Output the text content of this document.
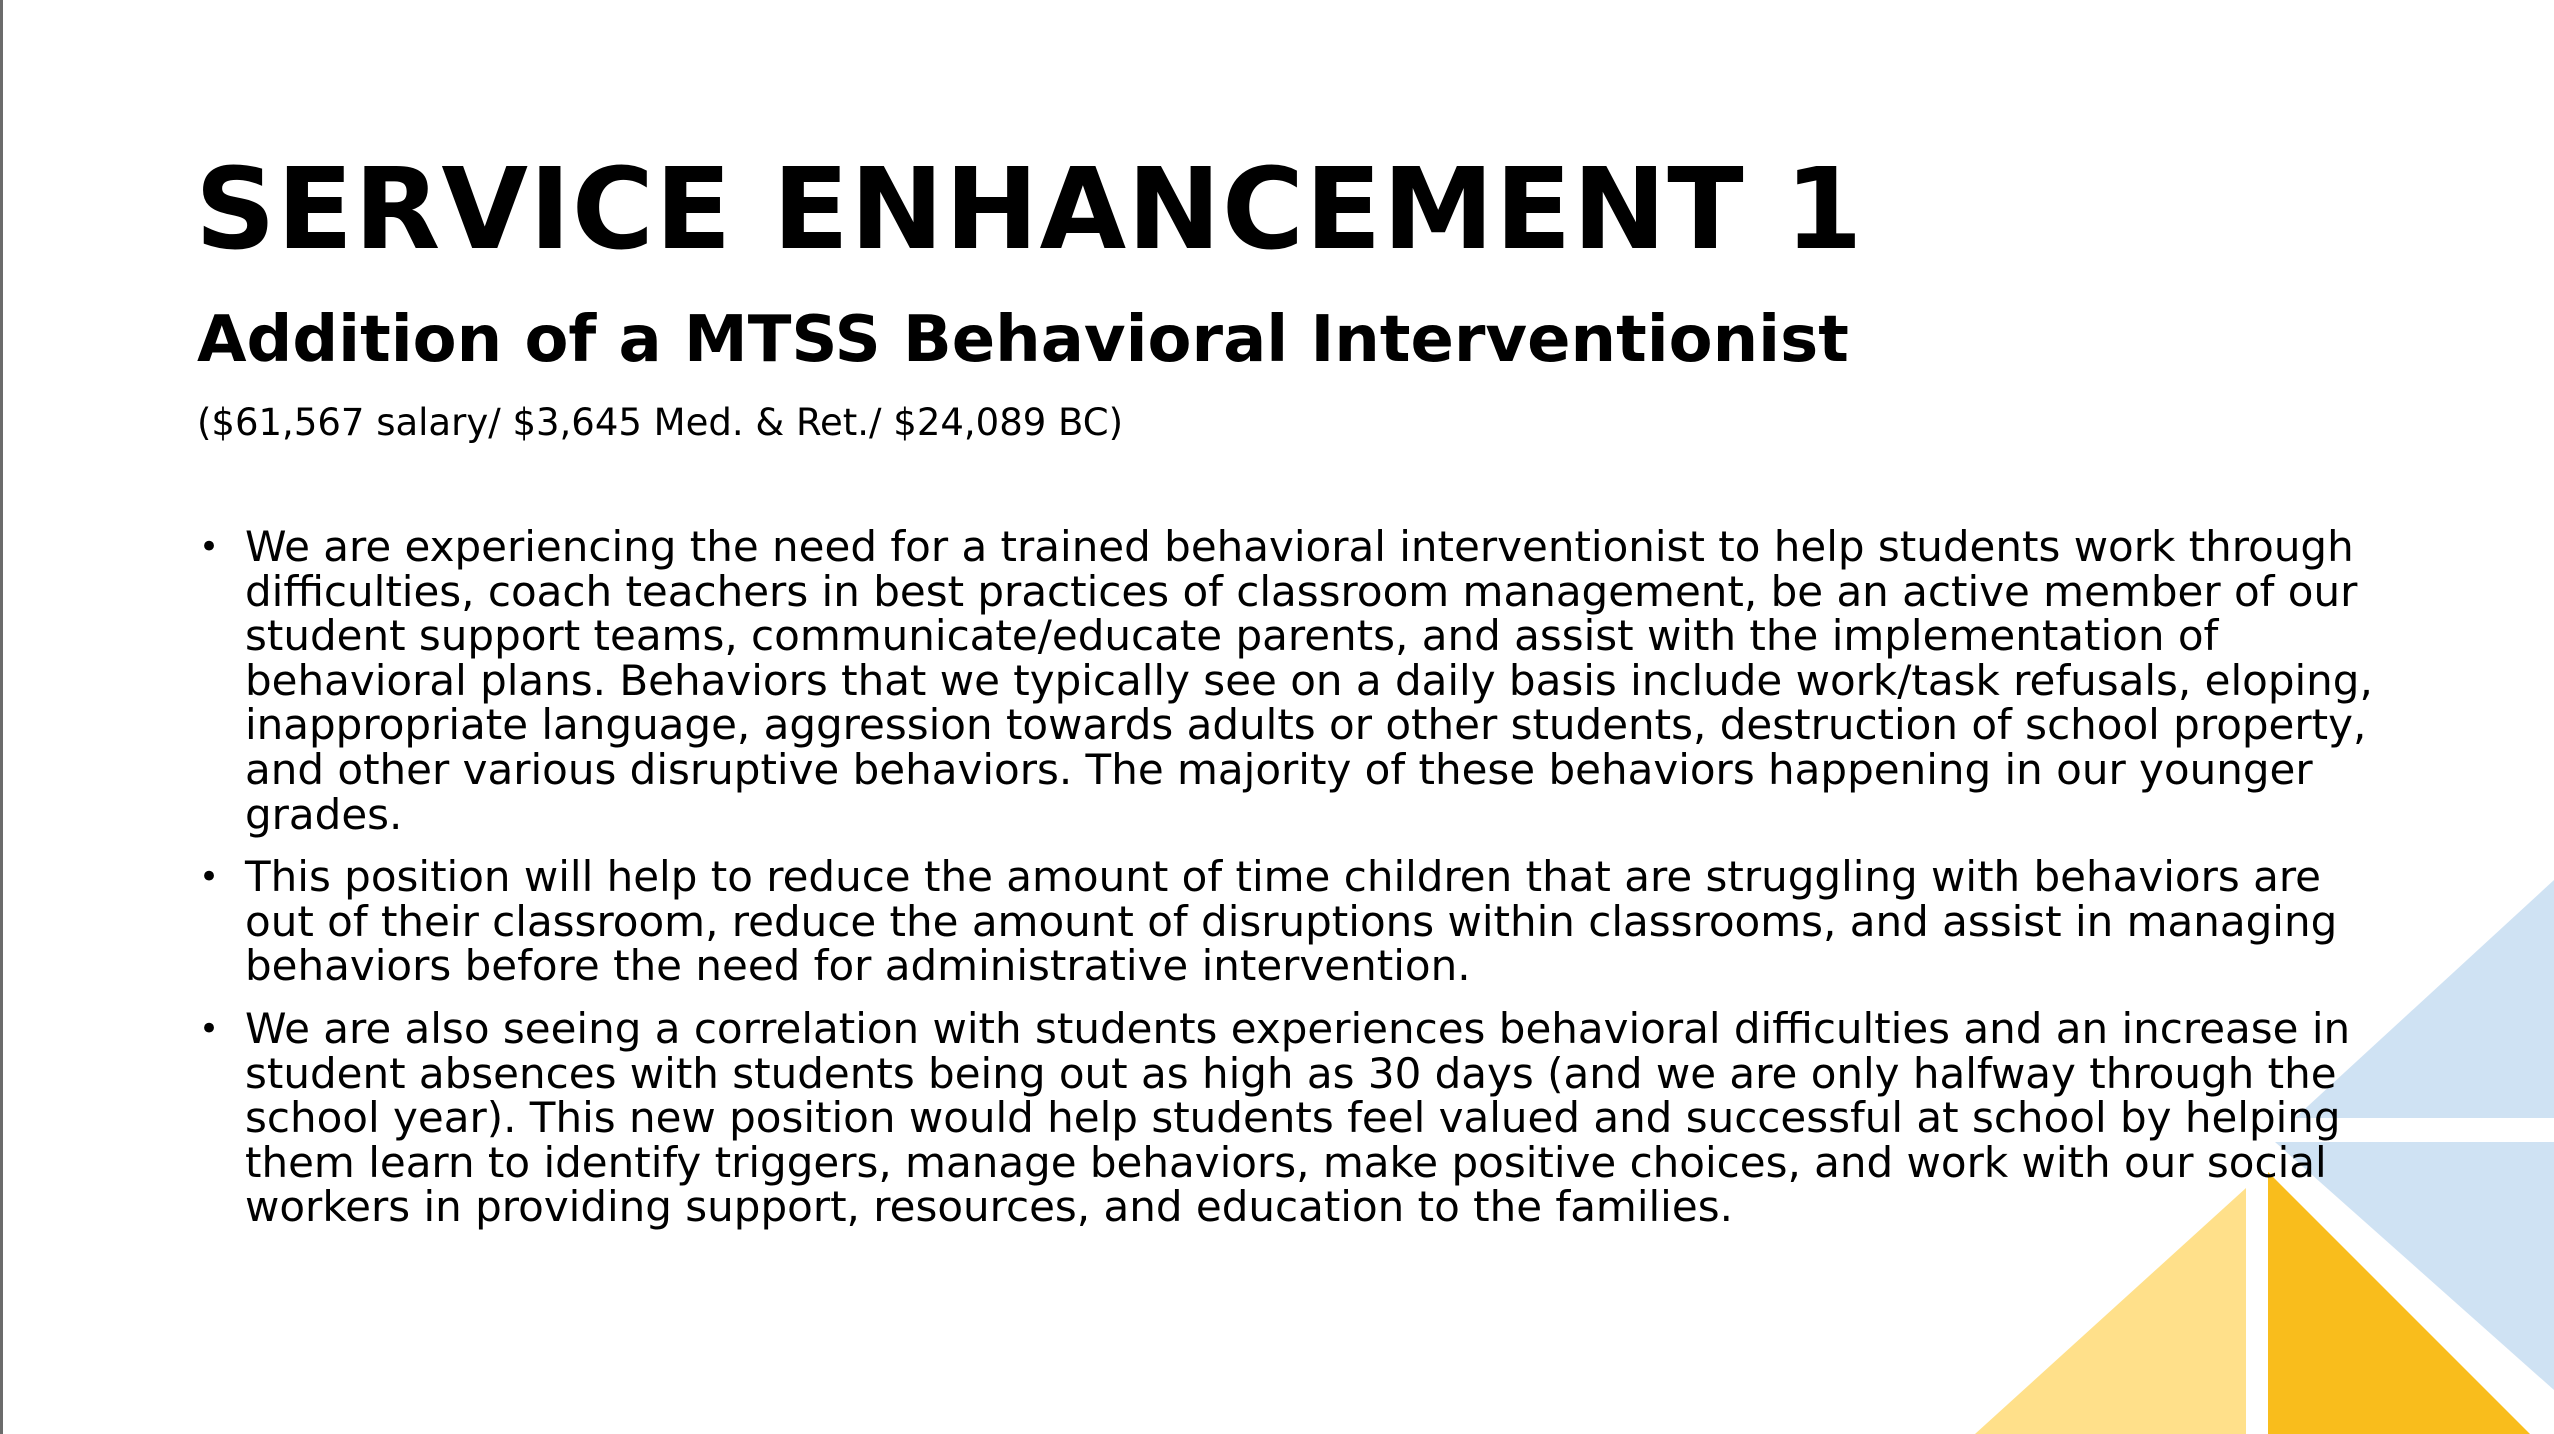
SERVICE ENHANCEMENT 1
Addition of a MTSS Behavioral Interventionist

($61,567 salary/ $3,645 Med. & Ret./ $24,089 BC)

• We are experiencing the need for a trained behavioral interventionist to help students work through difficulties, coach teachers in best practices of classroom management, be an active member of our student support teams, communicate/educate parents, and assist with the implementation of behavioral plans. Behaviors that we typically see on a daily basis include work/task refusals, eloping, inappropriate language, aggression towards adults or other students, destruction of school property, and other various disruptive behaviors. The majority of these behaviors happening in our younger grades.
• This position will help to reduce the amount of time children that are struggling with behaviors are out of their classroom, reduce the amount of disruptions within classrooms, and assist in managing behaviors before the need for administrative intervention.
• We are also seeing a correlation with students experiences behavioral difficulties and an increase in student absences with students being out as high as 30 days (and we are only halfway through the school year). This new position would help students feel valued and successful at school by helping them learn to identify triggers, manage behaviors, make positive choices, and work with our social workers in providing support, resources, and education to the families.
